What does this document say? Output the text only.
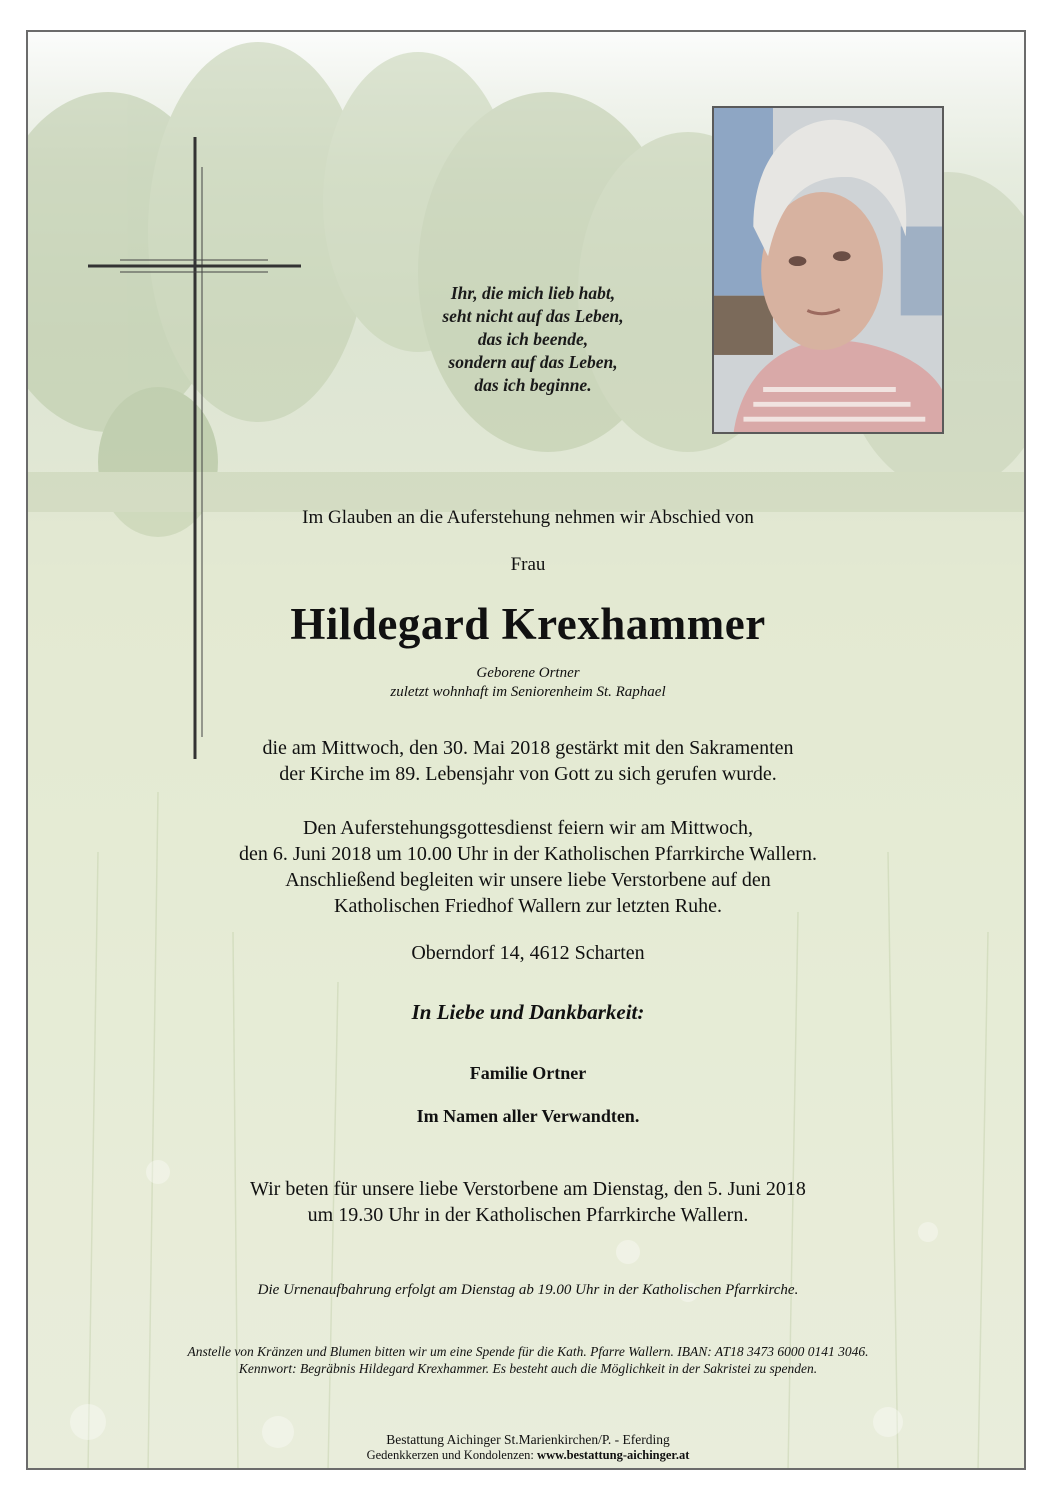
Ihr, die mich lieb habt,
seht nicht auf das Leben,
das ich beende,
sondern auf das Leben,
das ich beginne.
Im Glauben an die Auferstehung nehmen wir Abschied von
Frau
Hildegard Krexhammer
Geborene Ortner
zuletzt wohnhaft im Seniorenheim St. Raphael
die am Mittwoch, den 30. Mai 2018 gestärkt mit den Sakramenten
der Kirche im 89. Lebensjahr von Gott zu sich gerufen wurde.
Den Auferstehungsgottesdienst feiern wir am Mittwoch,
den 6. Juni 2018 um 10.00 Uhr in der Katholischen Pfarrkirche Wallern.
Anschließend begleiten wir unsere liebe Verstorbene auf den
Katholischen Friedhof Wallern zur letzten Ruhe.
Oberndorf 14, 4612 Scharten
In Liebe und Dankbarkeit:
Familie Ortner
Im Namen aller Verwandten.
Wir beten für unsere liebe Verstorbene am Dienstag, den 5. Juni 2018
um 19.30 Uhr in der Katholischen Pfarrkirche Wallern.
Die Urnenaufbahrung erfolgt am Dienstag ab 19.00 Uhr in der Katholischen Pfarrkirche.
Anstelle von Kränzen und Blumen bitten wir um eine Spende für die Kath. Pfarre Wallern. IBAN: AT18 3473 6000 0141 3046.
Kennwort: Begräbnis Hildegard Krexhammer. Es besteht auch die Möglichkeit in der Sakristei zu spenden.
Bestattung Aichinger St.Marienkirchen/P. - Eferding
Gedenkkerzen und Kondolenzen: www.bestattung-aichinger.at
